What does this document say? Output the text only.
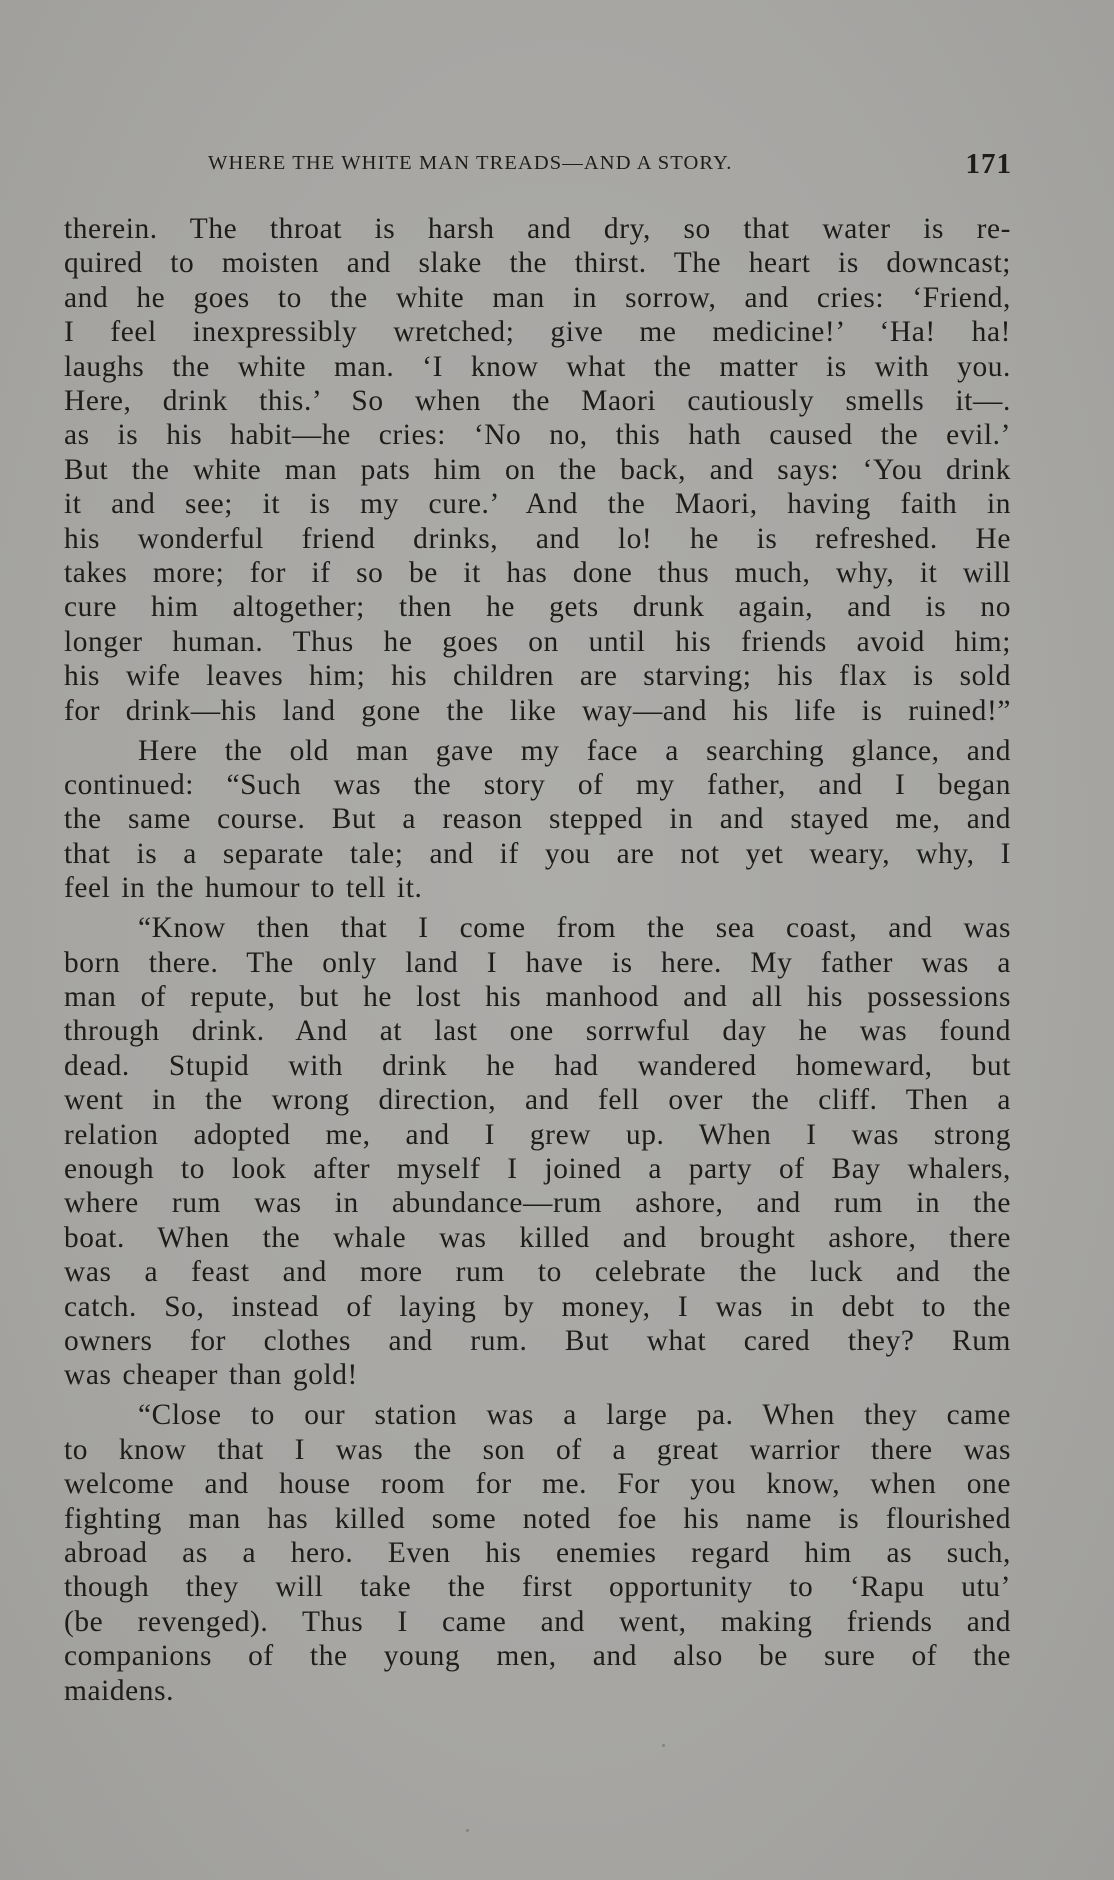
WHERE THE WHITE MAN TREADS—AND A STORY.	171

therein. The throat is harsh and dry, so that water is re-
quired to moisten and slake the thirst. The heart is downcast;
and he goes to the white man in sorrow, and cries: ‘Friend,
I feel inexpressibly wretched; give me medicine!’ ‘Ha! ha!
laughs the white man. ‘I know what the matter is with you.
Here, drink this.’ So when the Maori cautiously smells it—.
as is his habit—he cries: ‘No no, this hath caused the evil.’
But the white man pats him on the back, and says: ‘You drink
it and see; it is my cure.’ And the Maori, having faith in
his wonderful friend drinks, and lo! he is refreshed. He
takes more; for if so be it has done thus much, why, it will
cure him altogether; then he gets drunk again, and is no
longer human. Thus he goes on until his friends avoid him;
his wife leaves him; his children are starving; his flax is sold
for drink—his land gone the like way—and his life is ruined!”

Here the old man gave my face a searching glance, and
continued: “Such was the story of my father, and I began
the same course. But a reason stepped in and stayed me, and
that is a separate tale; and if you are not yet weary, why, I
feel in the humour to tell it.

“Know then that I come from the sea coast, and was
born there. The only land I have is here. My father was a
man of repute, but he lost his manhood and all his possessions
through drink. And at last one sorrwful day he was found
dead. Stupid with drink he had wandered homeward, but
went in the wrong direction, and fell over the cliff. Then a
relation adopted me, and I grew up. When I was strong
enough to look after myself I joined a party of Bay whalers,
where rum was in abundance—rum ashore, and rum in the
boat. When the whale was killed and brought ashore, there
was a feast and more rum to celebrate the luck and the
catch. So, instead of laying by money, I was in debt to the
owners for clothes and rum. But what cared they? Rum
was cheaper than gold!

“Close to our station was a large pa. When they came
to know that I was the son of a great warrior there was
welcome and house room for me. For you know, when one
fighting man has killed some noted foe his name is flourished
abroad as a hero. Even his enemies regard him as such,
though they will take the first opportunity to ‘Rapu utu’
(be revenged). Thus I came and went, making friends and
companions of the young men, and also be sure of the
maidens.
